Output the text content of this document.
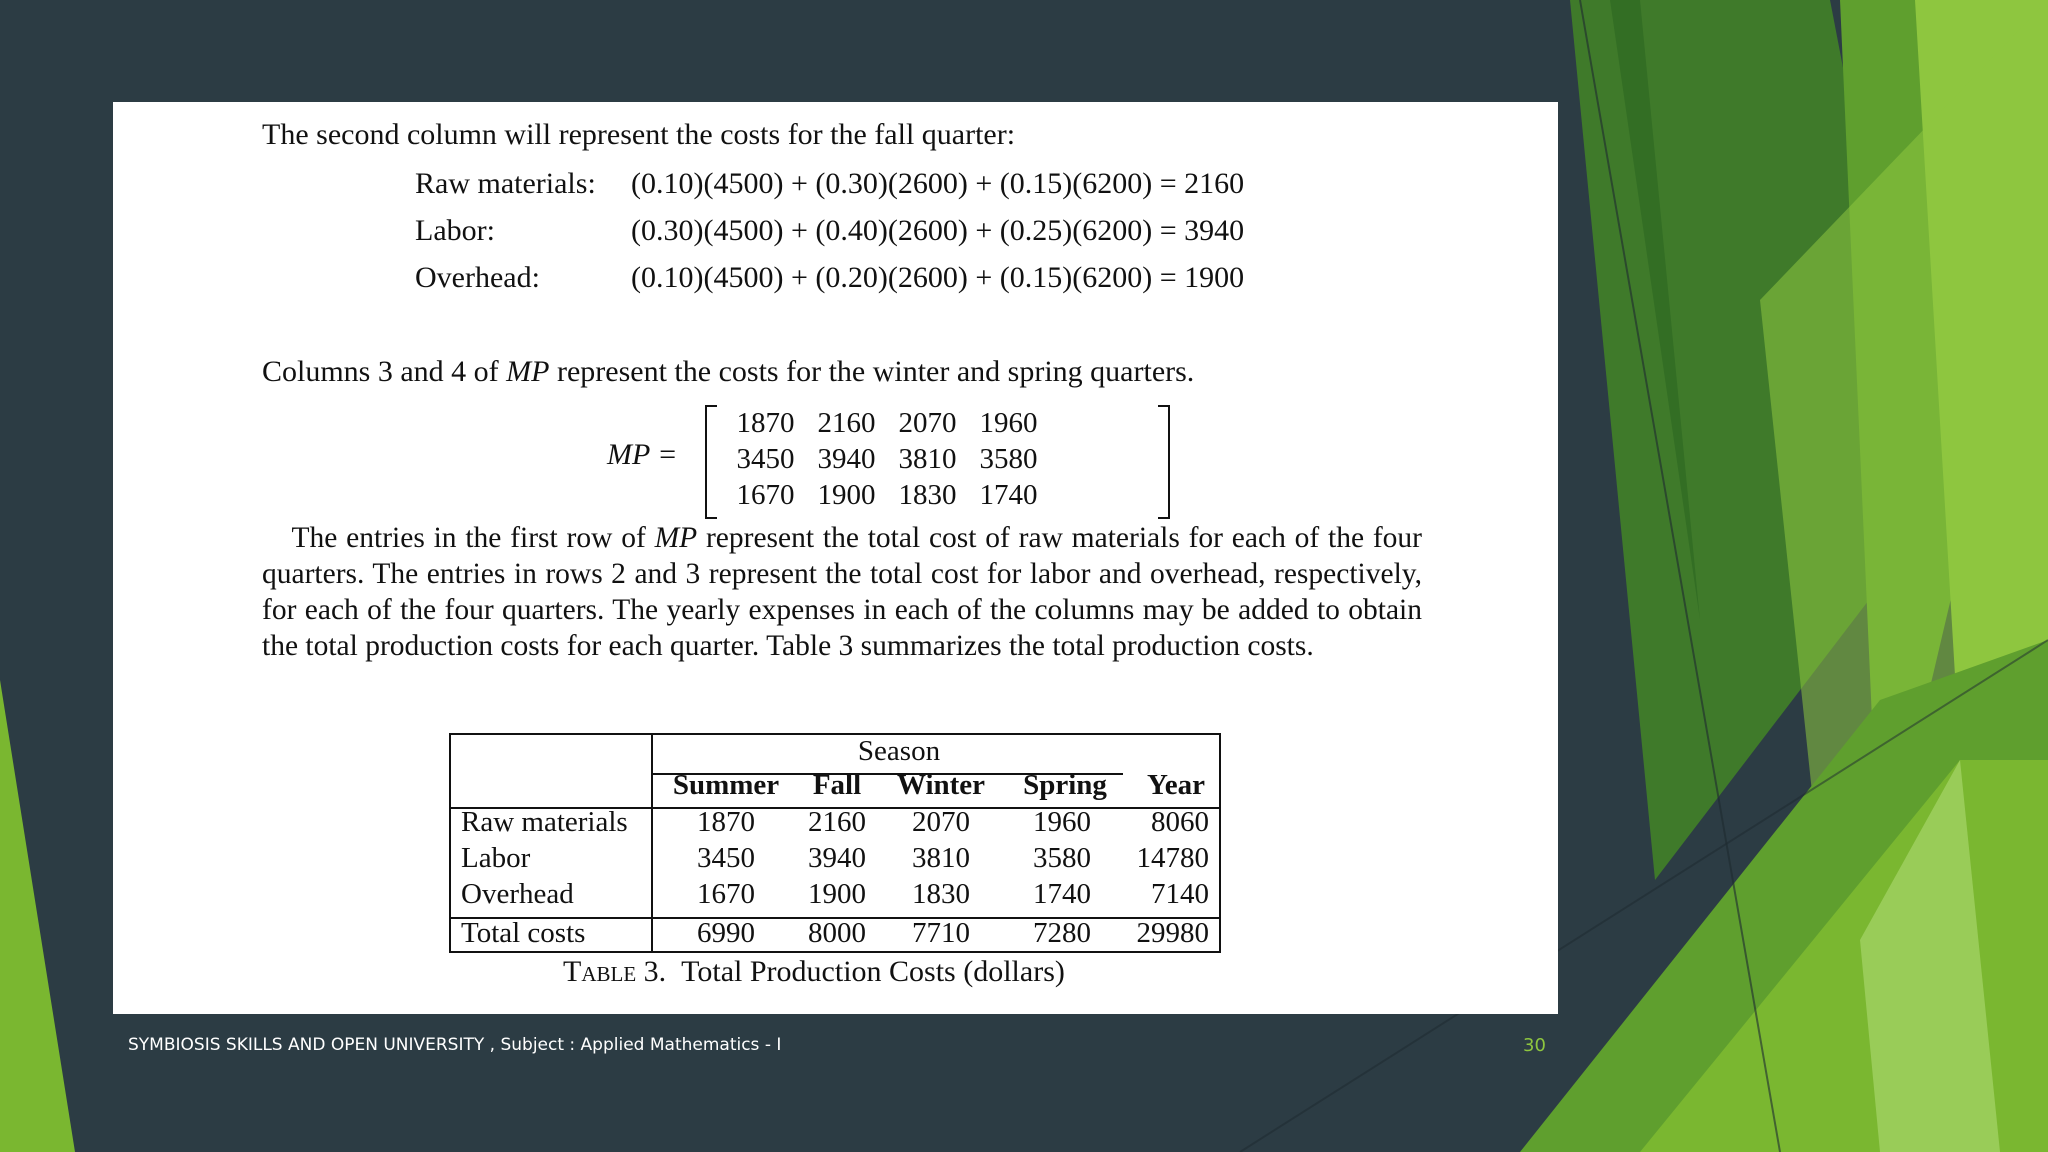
The second column will represent the costs for the fall quarter:
Raw materials: (0.10)(4500) + (0.30)(2600) + (0.15)(6200) = 2160
Labor:	(0.30)(4500) + (0.40)(2600) + (0.25)(6200) = 3940
Overhead:	(0.10)(4500) + (0.20)(2600) + (0.15)(6200) = 1900
Columns 3 and 4 of MP represent the costs for the winter and spring quarters.
MP =
1870 2160 2070 1960
3450 3940 3810 3580
1670 1900 1830 1740
 The entries in the first row of MP represent the total cost of raw materials for each of the four quarters. The entries in rows 2 and 3 represent the total cost for labor and overhead, respectively, for each of the four quarters. The yearly expenses in each of the columns may be added to obtain the total production costs for each quarter. Table 3 summarizes the total production costs.
Season
Summer Fall Winter Spring Year
Raw materials 1870 2160 2070 1960 8060
Labor	3450 3940 3810 3580 14780
Overhead	1670 1900 1830 1740 7140
Total costs	6990 8000 7710 7280 29980
Table 3. Total Production Costs (dollars)
SYMBIOSIS SKILLS AND OPEN UNIVERSITY , Subject : Applied Mathematics - I	30
